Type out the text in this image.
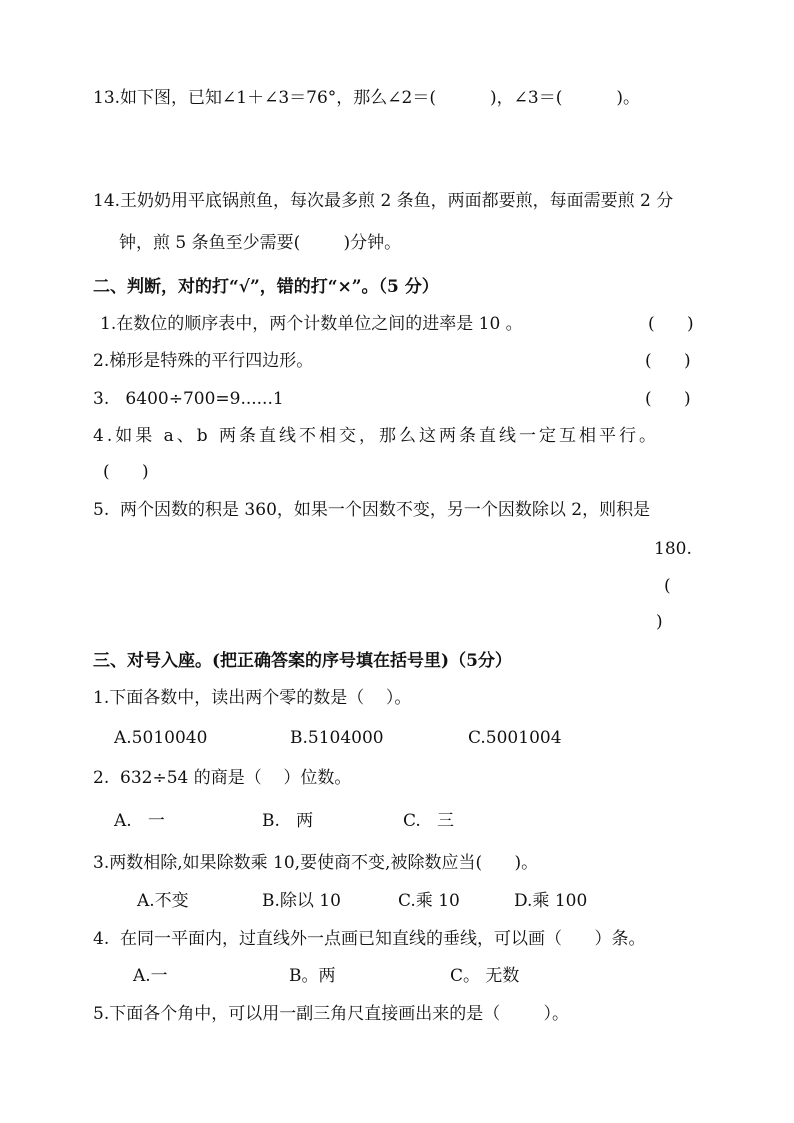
13.如下图，已知∠1＋∠3＝76°，那么∠2＝(          )，∠3＝(          )。
14.王奶奶用平底锅煎鱼，每次最多煎 2 条鱼，两面都要煎，每面需要煎 2 分
钟，煎 5 条鱼至少需要(        )分钟。
二、判断，对的打“√”，错的打“×”。（5 分）
1.在数位的顺序表中，两个计数单位之间的进率是 10 。	(      )
2.梯形是特殊的平行四边形。	(      )
3.   6400÷700=9......1	(      )
4.如果 a、b 两条直线不相交，那么这两条直线一定互相平行。
(      )
5.  两个因数的积是 360，如果一个因数不变，另一个因数除以 2，则积是
180.
(
)
三、对号入座。(把正确答案的序号填在括号里)（5分）
1.下面各数中，读出两个零的数是（    ）。
A.5010040	B.5104000	C.5001004
2.  632÷54 的商是（    ）位数。
A.   一	B.   两	C.   三
3.两数相除,如果除数乘 10,要使商不变,被除数应当(      )。
A.不变	B.除以 10	C.乘 10	D.乘 100
4.  在同一平面内，过直线外一点画已知直线的垂线，可以画（      ）条。
A.一	B。两	C。 无数
5.下面各个角中，可以用一副三角尺直接画出来的是（        ）。
